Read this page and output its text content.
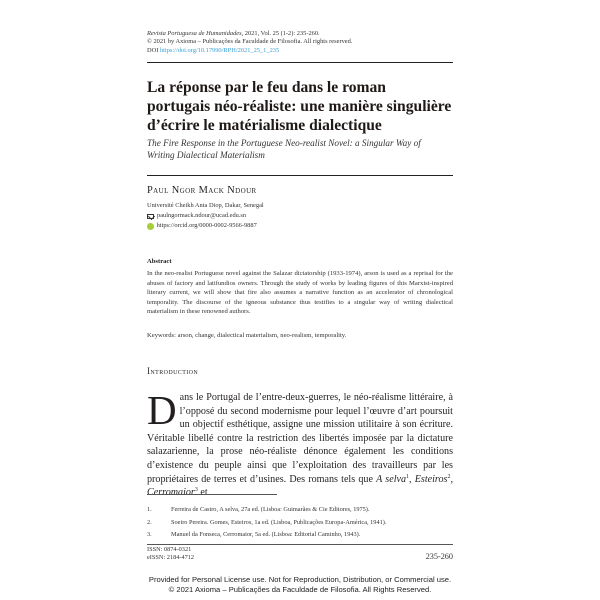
Revista Portuguesa de Humanidades, 2021, Vol. 25 (1-2): 235-260.
© 2021 by Axioma – Publicações da Faculdade de Filosofia. All rights reserved.
DOI https://doi.org/10.17990/RPH/2021_25_1_235
La réponse par le feu dans le roman portugais néo-réaliste: une manière singulière d’écrire le matérialisme dialectique
The Fire Response in the Portuguese Neo-realist Novel: a Singular Way of Writing Dialectical Materialism
Paul Ngor Mack Ndour
Université Cheikh Anta Diop, Dakar, Senegal
paulngormack.ndour@ucad.edu.sn
https://orcid.org/0000-0002-9566-9887
Abstract
In the neo-realist Portuguese novel against the Salazar dictatorship (1933-1974), arson is used as a reprisal for the abuses of factory and latifundios owners. Through the study of works by leading figures of this Marxist-inspired literary current, we will show that fire also assumes a narrative function as an accelerator of chronological temporality. The discourse of the igneous substance thus testifies to a singular way of writing dialectical materialism in these renowned authors.
Keywords: arson, change, dialectical materialism, neo-realism, temporality.
Introduction
Dans le Portugal de l’entre-deux-guerres, le néo-réalisme littéraire, à l’opposé du second modernisme pour lequel l’œuvre d’art poursuit un objectif esthétique, assigne une mission utilitaire à son écriture. Véritable libellé contre la restriction des libertés imposée par la dictature salazarienne, la prose néo-réaliste dénonce également les conditions d’existence du peuple ainsi que l’exploitation des travailleurs par les propriétaires de terres et d’usines. Des romans tels que A selva$^1$, Esteiros$^2$, Cerromaior$^3$ et
1.	Ferreira de Castro, A selva, 27a ed. (Lisboa: Guimarães & Cie Editores, 1975).
2.	Soeiro Pereira. Gomes, Esteiros, 1a ed. (Lisboa, Publicações Europa-América, 1941).
3.	Manuel da Fonseca, Cerromaior, 5a ed. (Lisboa: Editorial Caminho, 1943).
ISSN: 0874-0321
eISSN: 2184-4712	235-260
Provided for Personal License use. Not for Reproduction, Distribution, or Commercial use.
© 2021 Axioma – Publicações da Faculdade de Filosofia. All Rights Reserved.
